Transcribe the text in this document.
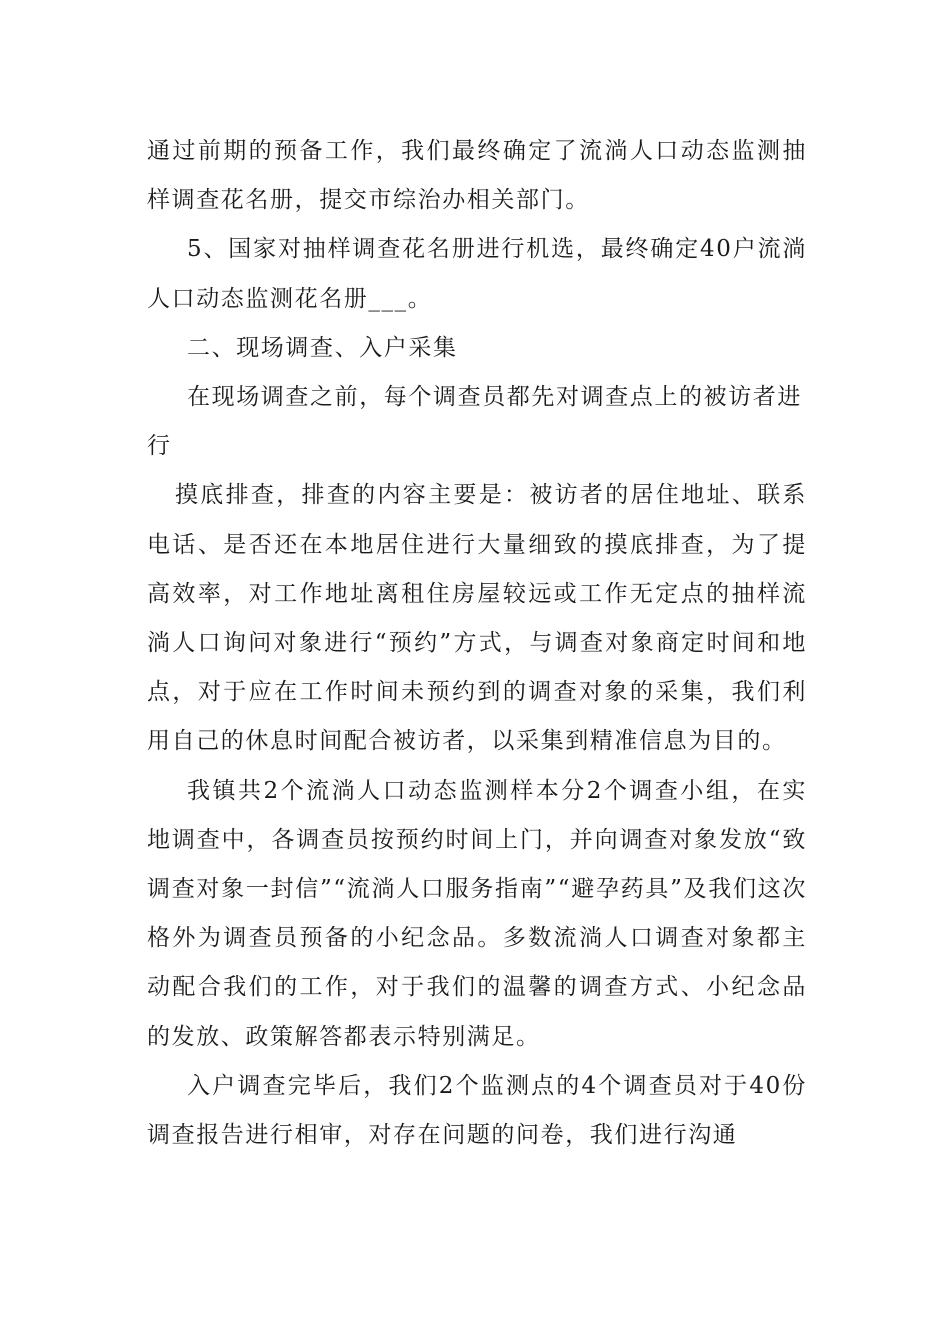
通过前期的预备工作，我们最终确定了流淌人口动态监测抽样调查花名册，提交市综治办相关部门。

5、国家对抽样调查花名册进行机选，最终确定40户流淌人口动态监测花名册___。

二、现场调查、入户采集

在现场调查之前，每个调查员都先对调查点上的被访者进行

摸底排查，排查的内容主要是：被访者的居住地址、联系电话、是否还在本地居住进行大量细致的摸底排查，为了提高效率，对工作地址离租住房屋较远或工作无定点的抽样流淌人口询问对象进行“预约”方式，与调查对象商定时间和地点，对于应在工作时间未预约到的调查对象的采集，我们利用自己的休息时间配合被访者，以采集到精准信息为目的。

我镇共2个流淌人口动态监测样本分2个调查小组，在实地调查中，各调查员按预约时间上门，并向调查对象发放“致调查对象一封信”“流淌人口服务指南”“避孕药具”及我们这次格外为调查员预备的小纪念品。多数流淌人口调查对象都主动配合我们的工作，对于我们的温馨的调查方式、小纪念品的发放、政策解答都表示特别满足。

入户调查完毕后，我们2个监测点的4个调查员对于40份调查报告进行相审，对存在问题的问卷，我们进行沟通
